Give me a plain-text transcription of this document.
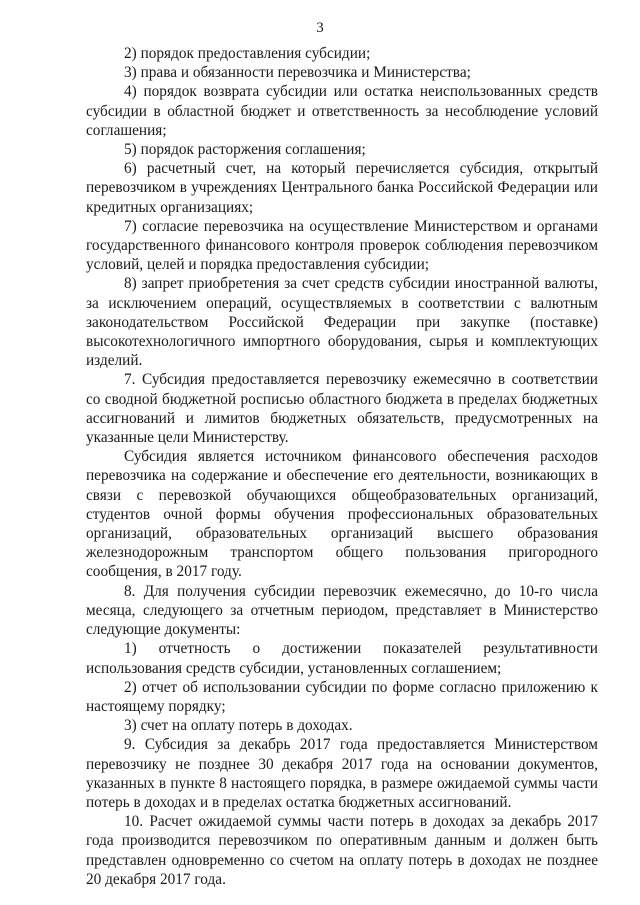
3

2) порядок предоставления субсидии;

3) права и обязанности перевозчика и Министерства;

4) порядок возврата субсидии или остатка неиспользованных средств субсидии в областной бюджет и ответственность за несоблюдение условий соглашения;

5) порядок расторжения соглашения;

6) расчетный счет, на который перечисляется субсидия, открытый перевозчиком в учреждениях Центрального банка Российской Федерации или кредитных организациях;

7) согласие перевозчика на осуществление Министерством и органами государственного финансового контроля проверок соблюдения перевозчиком условий, целей и порядка предоставления субсидии;

8) запрет приобретения за счет средств субсидии иностранной валюты, за исключением операций, осуществляемых в соответствии с валютным законодательством Российской Федерации при закупке (поставке) высокотехнологичного импортного оборудования, сырья и комплектующих изделий.

7. Субсидия предоставляется перевозчику ежемесячно в соответствии со сводной бюджетной росписью областного бюджета в пределах бюджетных ассигнований и лимитов бюджетных обязательств, предусмотренных на указанные цели Министерству.

Субсидия является источником финансового обеспечения расходов перевозчика на содержание и обеспечение его деятельности, возникающих в связи с перевозкой обучающихся общеобразовательных организаций, студентов очной формы обучения профессиональных образовательных организаций, образовательных организаций высшего образования железнодорожным транспортом общего пользования пригородного сообщения, в 2017 году.

8. Для получения субсидии перевозчик ежемесячно, до 10-го числа месяца, следующего за отчетным периодом, представляет в Министерство следующие документы:

1) отчетность о достижении показателей результативности использования средств субсидии, установленных соглашением;

2) отчет об использовании субсидии по форме согласно приложению к настоящему порядку;

3) счет на оплату потерь в доходах.

9. Субсидия за декабрь 2017 года предоставляется Министерством перевозчику не позднее 30 декабря 2017 года на основании документов, указанных в пункте 8 настоящего порядка, в размере ожидаемой суммы части потерь в доходах и в пределах остатка бюджетных ассигнований.

10. Расчет ожидаемой суммы части потерь в доходах за декабрь 2017 года производится перевозчиком по оперативным данным и должен быть представлен одновременно со счетом на оплату потерь в доходах не позднее 20 декабря 2017 года.
